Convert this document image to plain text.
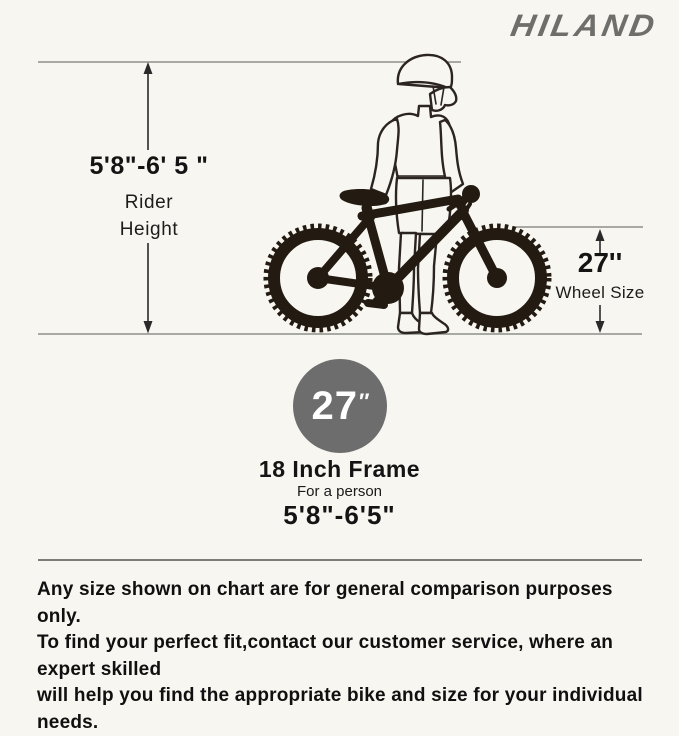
HILAND
5'8"-6' 5 "
Rider
Height
27''
Wheel Size
27″
18 Inch Frame
For a person
5'8"-6'5"
Any size shown on chart are for general comparison purposes only.
To find your perfect fit,contact our customer service, where an expert skilled
will help you find the appropriate bike and size for your individual needs.
